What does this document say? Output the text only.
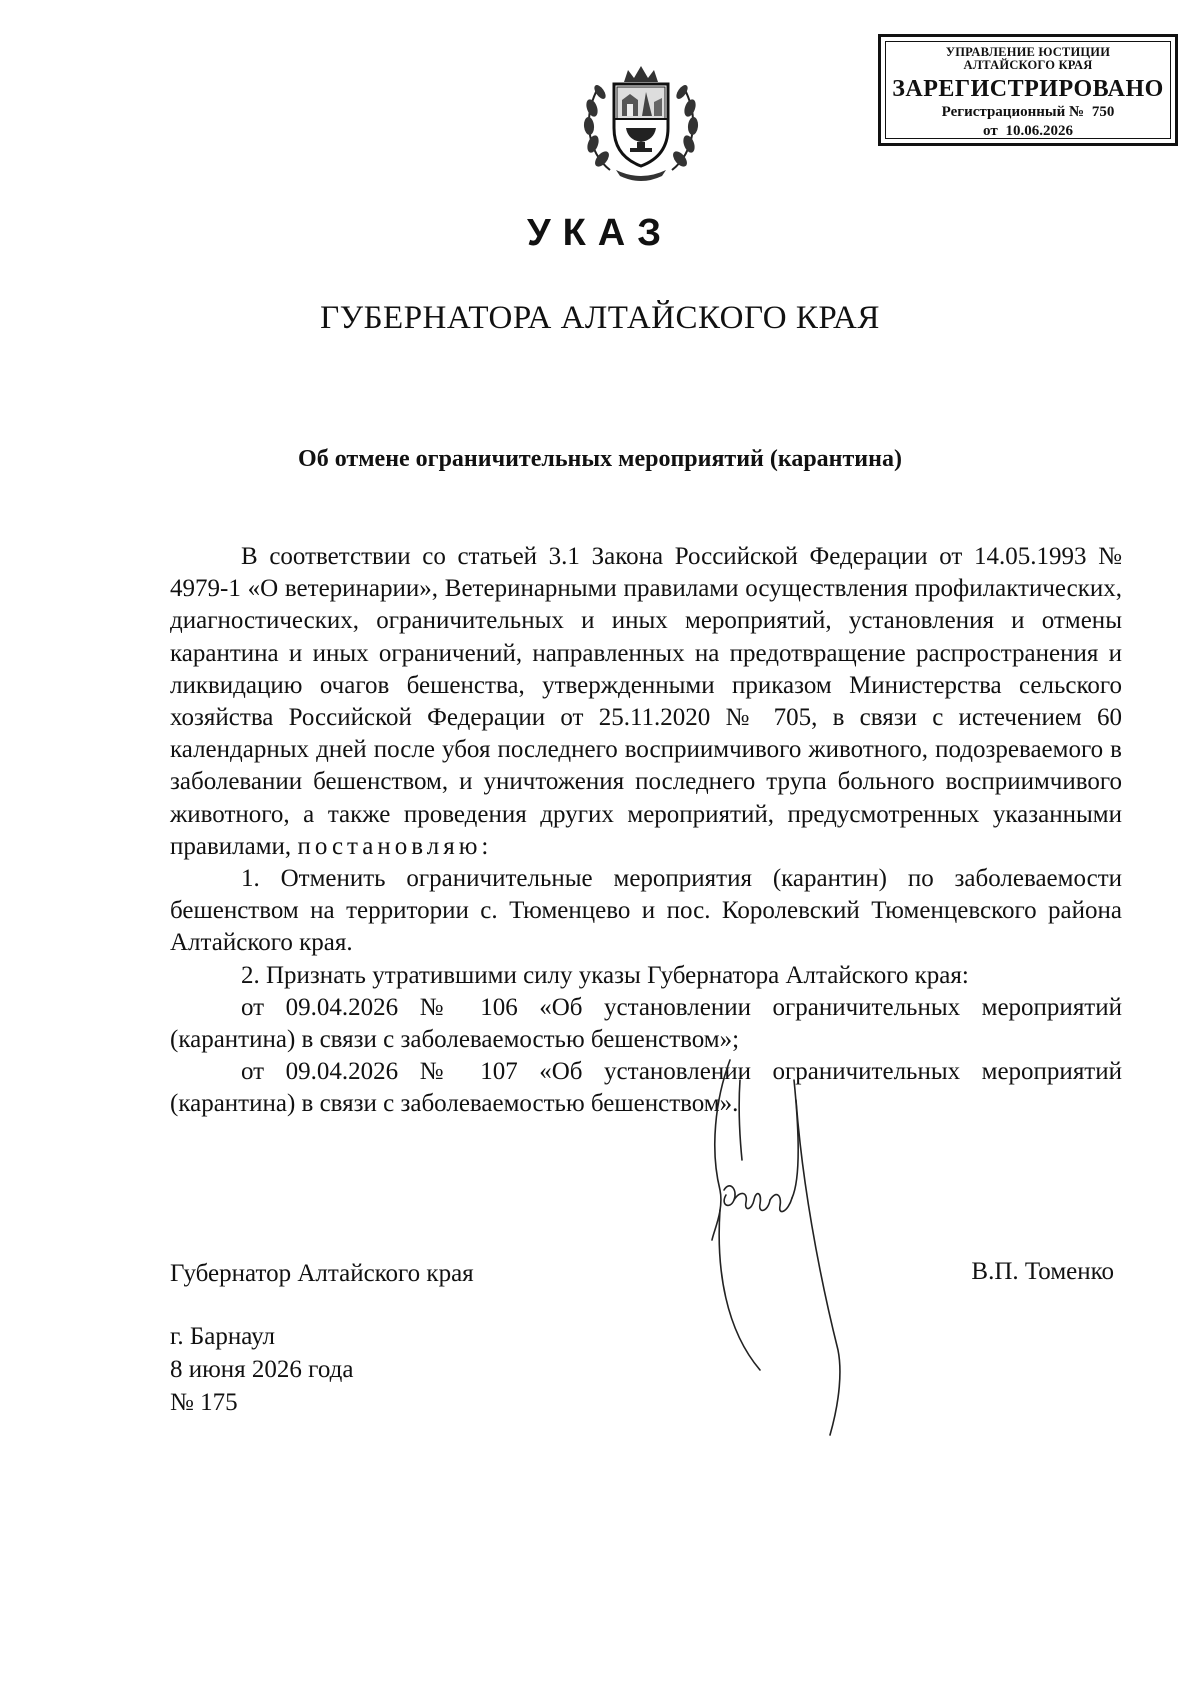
УПРАВЛЕНИЕ ЮСТИЦИИ
АЛТАЙСКОГО КРАЯ
ЗАРЕГИСТРИРОВАНО
Регистрационный № 750
от 10.06.2026
УКАЗ
ГУБЕРНАТОРА АЛТАЙСКОГО КРАЯ
Об отмене ограничительных мероприятий (карантина)

В соответствии со статьей 3.1 Закона Российской Федерации от 14.05.1993 № 4979-1 «О ветеринарии», Ветеринарными правилами осуществления профилактических, диагностических, ограничительных и иных мероприятий, установления и отмены карантина и иных ограничений, направленных на предотвращение распространения и ликвидацию очагов бешенства, утвержденными приказом Министерства сельского хозяйства Российской Федерации от 25.11.2020 № 705, в связи с истечением 60 календарных дней после убоя последнего восприимчивого животного, подозреваемого в заболевании бешенством, и уничтожения последнего трупа больного восприимчивого животного, а также проведения других мероприятий, предусмотренных указанными правилами, постановляю:

1. Отменить ограничительные мероприятия (карантин) по заболеваемости бешенством на территории с. Тюменцево и пос. Королевский Тюменцевского района Алтайского края.

2. Признать утратившими силу указы Губернатора Алтайского края:

от 09.04.2026 № 106 «Об установлении ограничительных мероприятий (карантина) в связи с заболеваемостью бешенством»;

от 09.04.2026 № 107 «Об установлении ограничительных мероприятий (карантина) в связи с заболеваемостью бешенством».

Губернатор Алтайского края	В.П. Томенко
г. Барнаул
8 июня 2026 года
№ 175
